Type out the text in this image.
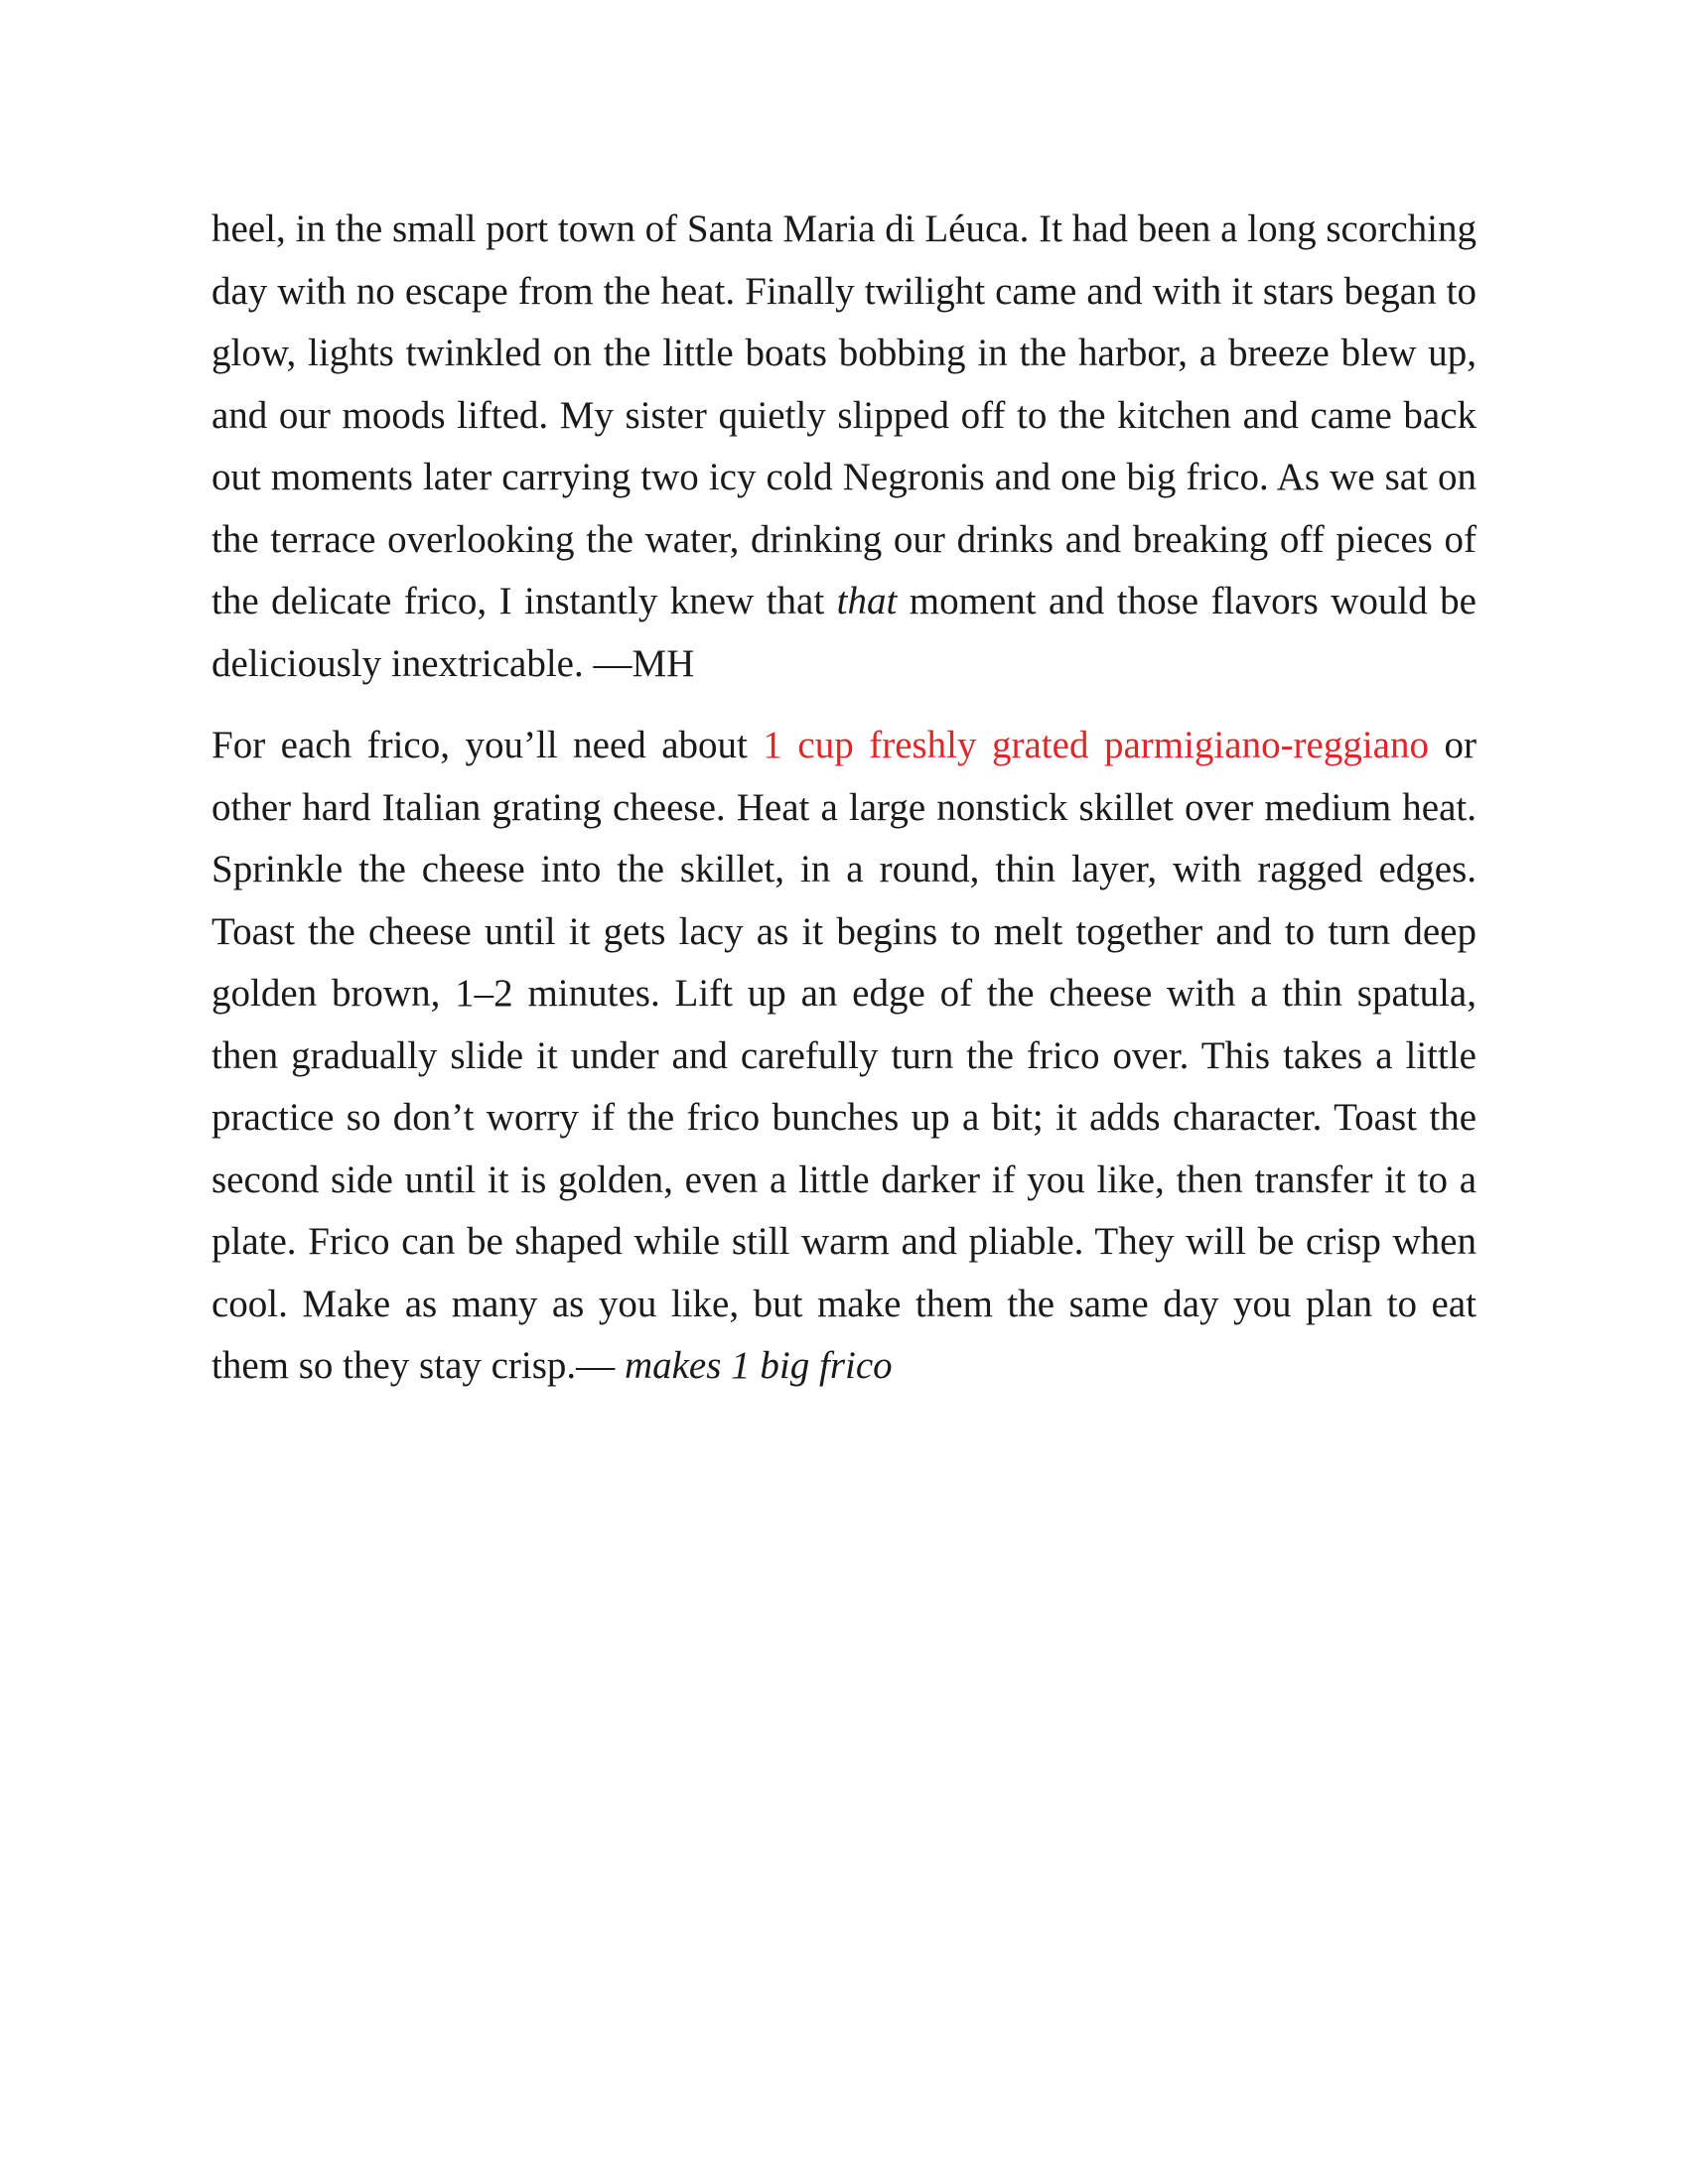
heel, in the small port town of Santa Maria di Léuca. It had been a long scorching day with no escape from the heat. Finally twilight came and with it stars began to glow, lights twinkled on the little boats bobbing in the harbor, a breeze blew up, and our moods lifted. My sister quietly slipped off to the kitchen and came back out moments later carrying two icy cold Negronis and one big frico. As we sat on the terrace overlooking the water, drinking our drinks and breaking off pieces of the delicate frico, I instantly knew that that moment and those flavors would be deliciously inextricable. —MH

For each frico, you’ll need about 1 cup freshly grated parmigiano-reggiano or other hard Italian grating cheese. Heat a large nonstick skillet over medium heat. Sprinkle the cheese into the skillet, in a round, thin layer, with ragged edges. Toast the cheese until it gets lacy as it begins to melt together and to turn deep golden brown, 1–2 minutes. Lift up an edge of the cheese with a thin spatula, then gradually slide it under and carefully turn the frico over. This takes a little practice so don’t worry if the frico bunches up a bit; it adds character. Toast the second side until it is golden, even a little darker if you like, then transfer it to a plate. Frico can be shaped while still warm and pliable. They will be crisp when cool. Make as many as you like, but make them the same day you plan to eat them so they stay crisp.— makes 1 big frico
